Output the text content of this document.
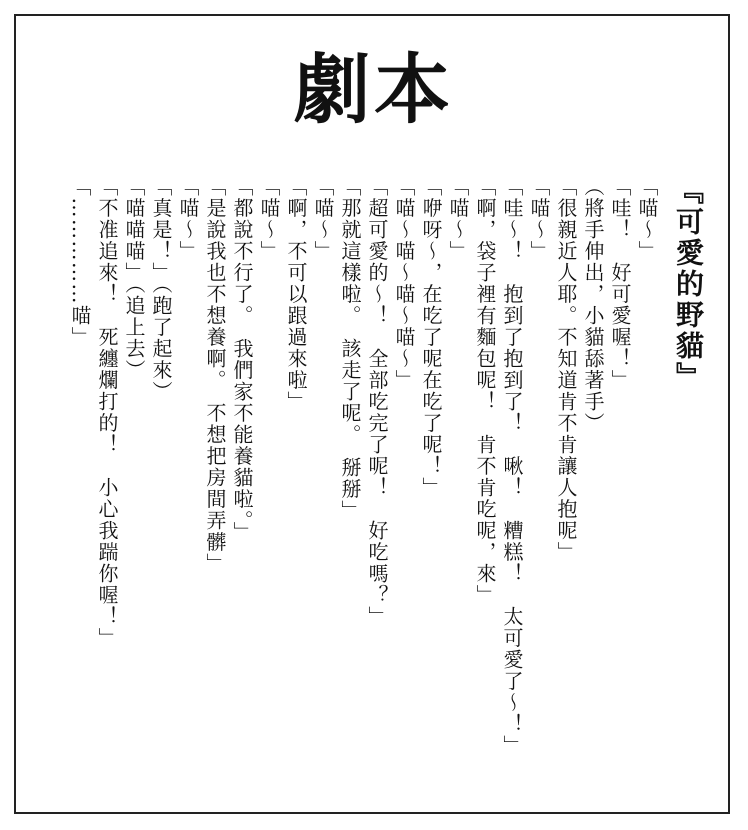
劇本
『可愛的野貓』
「喵～」
「哇！　好可愛喔！」
（將手伸出，小貓舔著手）
「很親近人耶。不知道肯不肯讓人抱呢」
「喵～」
「哇～！　抱到了抱到了！　啾！　糟糕！　太可愛了～！」
「啊，袋子裡有麵包呢！　肯不肯吃呢，來」
「喵～」
「咿呀～，在吃了呢在吃了呢！」
「喵～喵～喵～喵～」
「超可愛的～！　全部吃完了呢！　好吃嗎？」
「那就這樣啦。　該走了呢。　掰掰」
「喵～」
「啊，不可以跟過來啦」
「喵～」
「都說不行了。　我們家不能養貓啦。」
「是說我也不想養啊。　不想把房間弄髒」
「喵～」
「真是！」（跑了起來）
「喵喵喵」（追上去）
「不准追來！　死纏爛打的！　小心我踹你喔！」
「……………喵」
